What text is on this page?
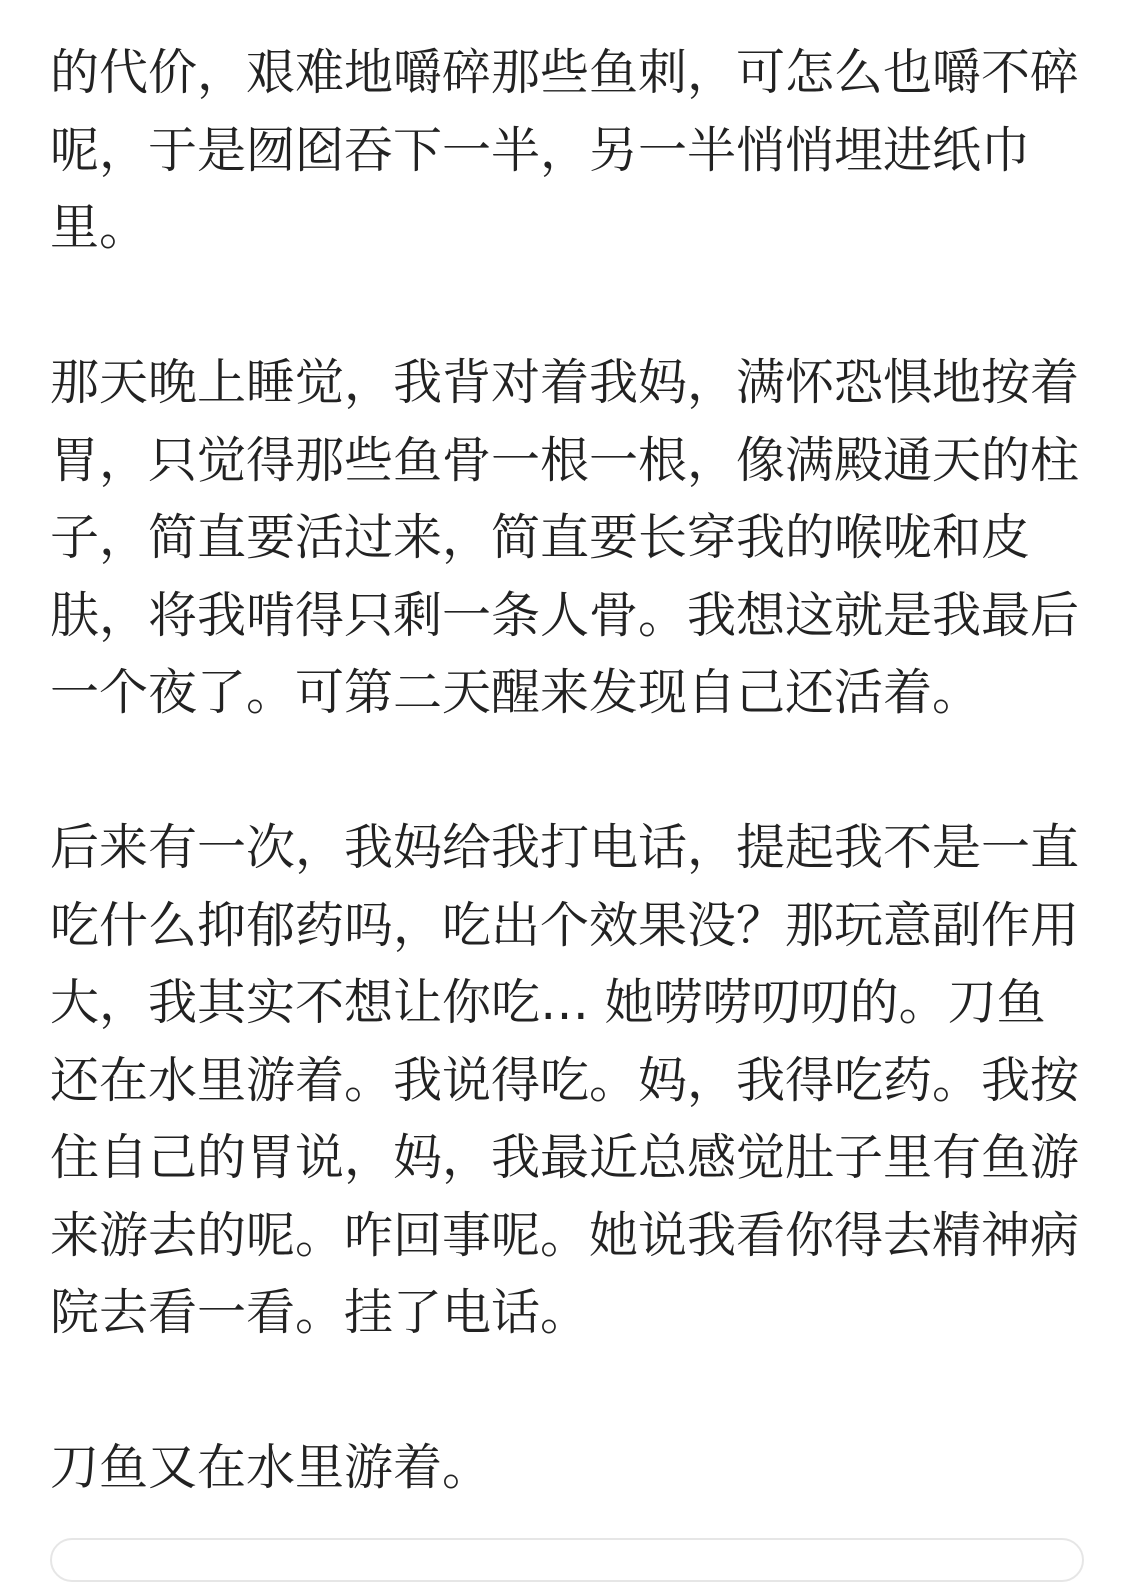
的代价，艰难地嚼碎那些鱼刺，可怎么也嚼不碎
呢，于是囫囵吞下一半，另一半悄悄埋进纸巾
里。

那天晚上睡觉，我背对着我妈，满怀恐惧地按着
胃，只觉得那些鱼骨一根一根，像满殿通天的柱
子，简直要活过来，简直要长穿我的喉咙和皮
肤，将我啃得只剩一条人骨。我想这就是我最后
一个夜了。可第二天醒来发现自己还活着。

后来有一次，我妈给我打电话，提起我不是一直
吃什么抑郁药吗，吃出个效果没？那玩意副作用
大，我其实不想让你吃… 她唠唠叨叨的。刀鱼
还在水里游着。我说得吃。妈，我得吃药。我按
住自己的胃说，妈，我最近总感觉肚子里有鱼游
来游去的呢。咋回事呢。她说我看你得去精神病
院去看一看。挂了电话。

刀鱼又在水里游着。
